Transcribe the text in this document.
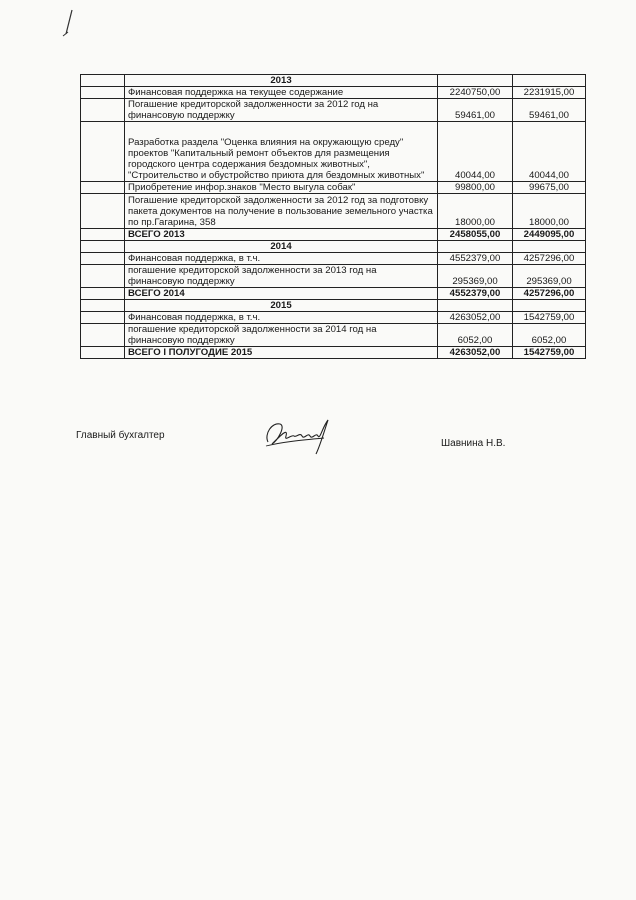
	2013		
	Финансовая поддержка на текущее содержание	2240750,00	2231915,00
	Погашение кредиторской задолженности за 2012 год на финансовую поддержку	59461,00	59461,00
	Разработка раздела "Оценка влияния на окружающую среду" проектов "Капитальный ремонт объектов для размещения городского центра содержания бездомных животных", "Строительство и обустройство приюта для бездомных животных"	40044,00	40044,00
	Приобретение инфор.знаков "Место выгула собак"	99800,00	99675,00
	Погашение кредиторской задолженности за 2012 год за подготовку пакета документов на получение в пользование земельного участка по пр.Гагарина, 358	18000,00	18000,00
	ВСЕГО 2013	2458055,00	2449095,00
	2014		
	Финансовая поддержка, в т.ч.	4552379,00	4257296,00
	погашение кредиторской задолженности за 2013 год на финансовую поддержку	295369,00	295369,00
	ВСЕГО 2014	4552379,00	4257296,00
	2015		
	Финансовая поддержка, в т.ч.	4263052,00	1542759,00
	погашение кредиторской задолженности за 2014 год на финансовую поддержку	6052,00	6052,00
	ВСЕГО I ПОЛУГОДИЕ 2015	4263052,00	1542759,00
Главный бухгалтер
Шавнина Н.В.
